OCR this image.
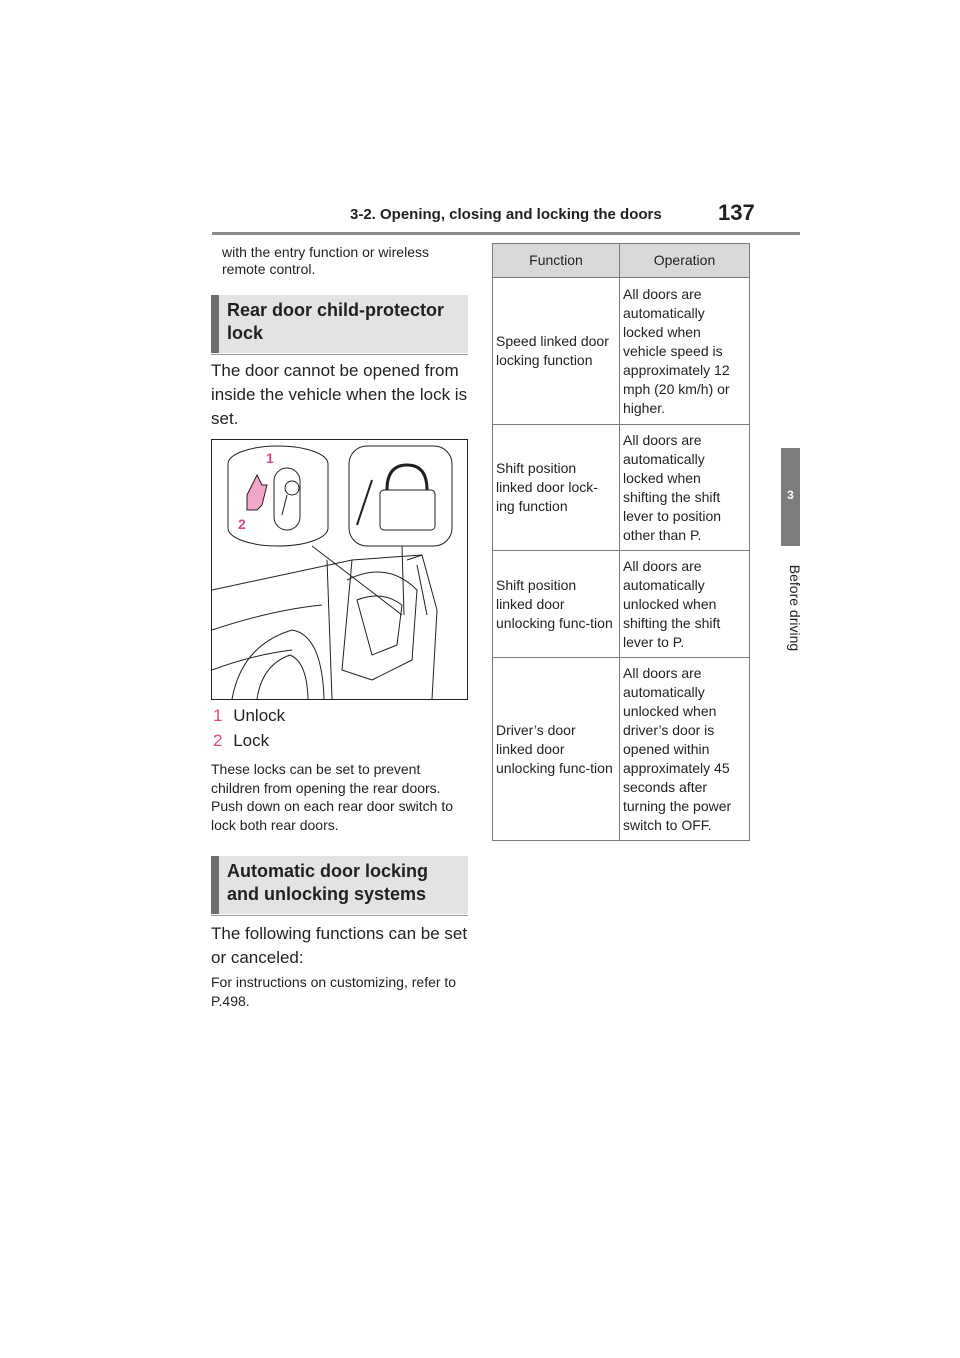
3-2. Opening, closing and locking the doors	137
3
Before driving
with the entry function or wireless remote control.
Rear door child-protector lock
The door cannot be opened from inside the vehicle when the lock is set.
1
2
1 Unlock
2 Lock
These locks can be set to prevent children from opening the rear doors. Push down on each rear door switch to lock both rear doors.
Automatic door locking and unlocking systems
The following functions can be set or canceled:
For instructions on customizing, refer to P.498.
Function	Operation
Speed linked door locking function	All doors are automatically locked when vehicle speed is approximately 12 mph (20 km/h) or higher.
Shift position linked door lock-ing function	All doors are automatically locked when shifting the shift lever to position other than P.
Shift position linked door unlocking func-tion	All doors are automatically unlocked when shifting the shift lever to P.
Driver’s door linked door unlocking func-tion	All doors are automatically unlocked when driver’s door is opened within approximately 45 seconds after turning the power switch to OFF.
